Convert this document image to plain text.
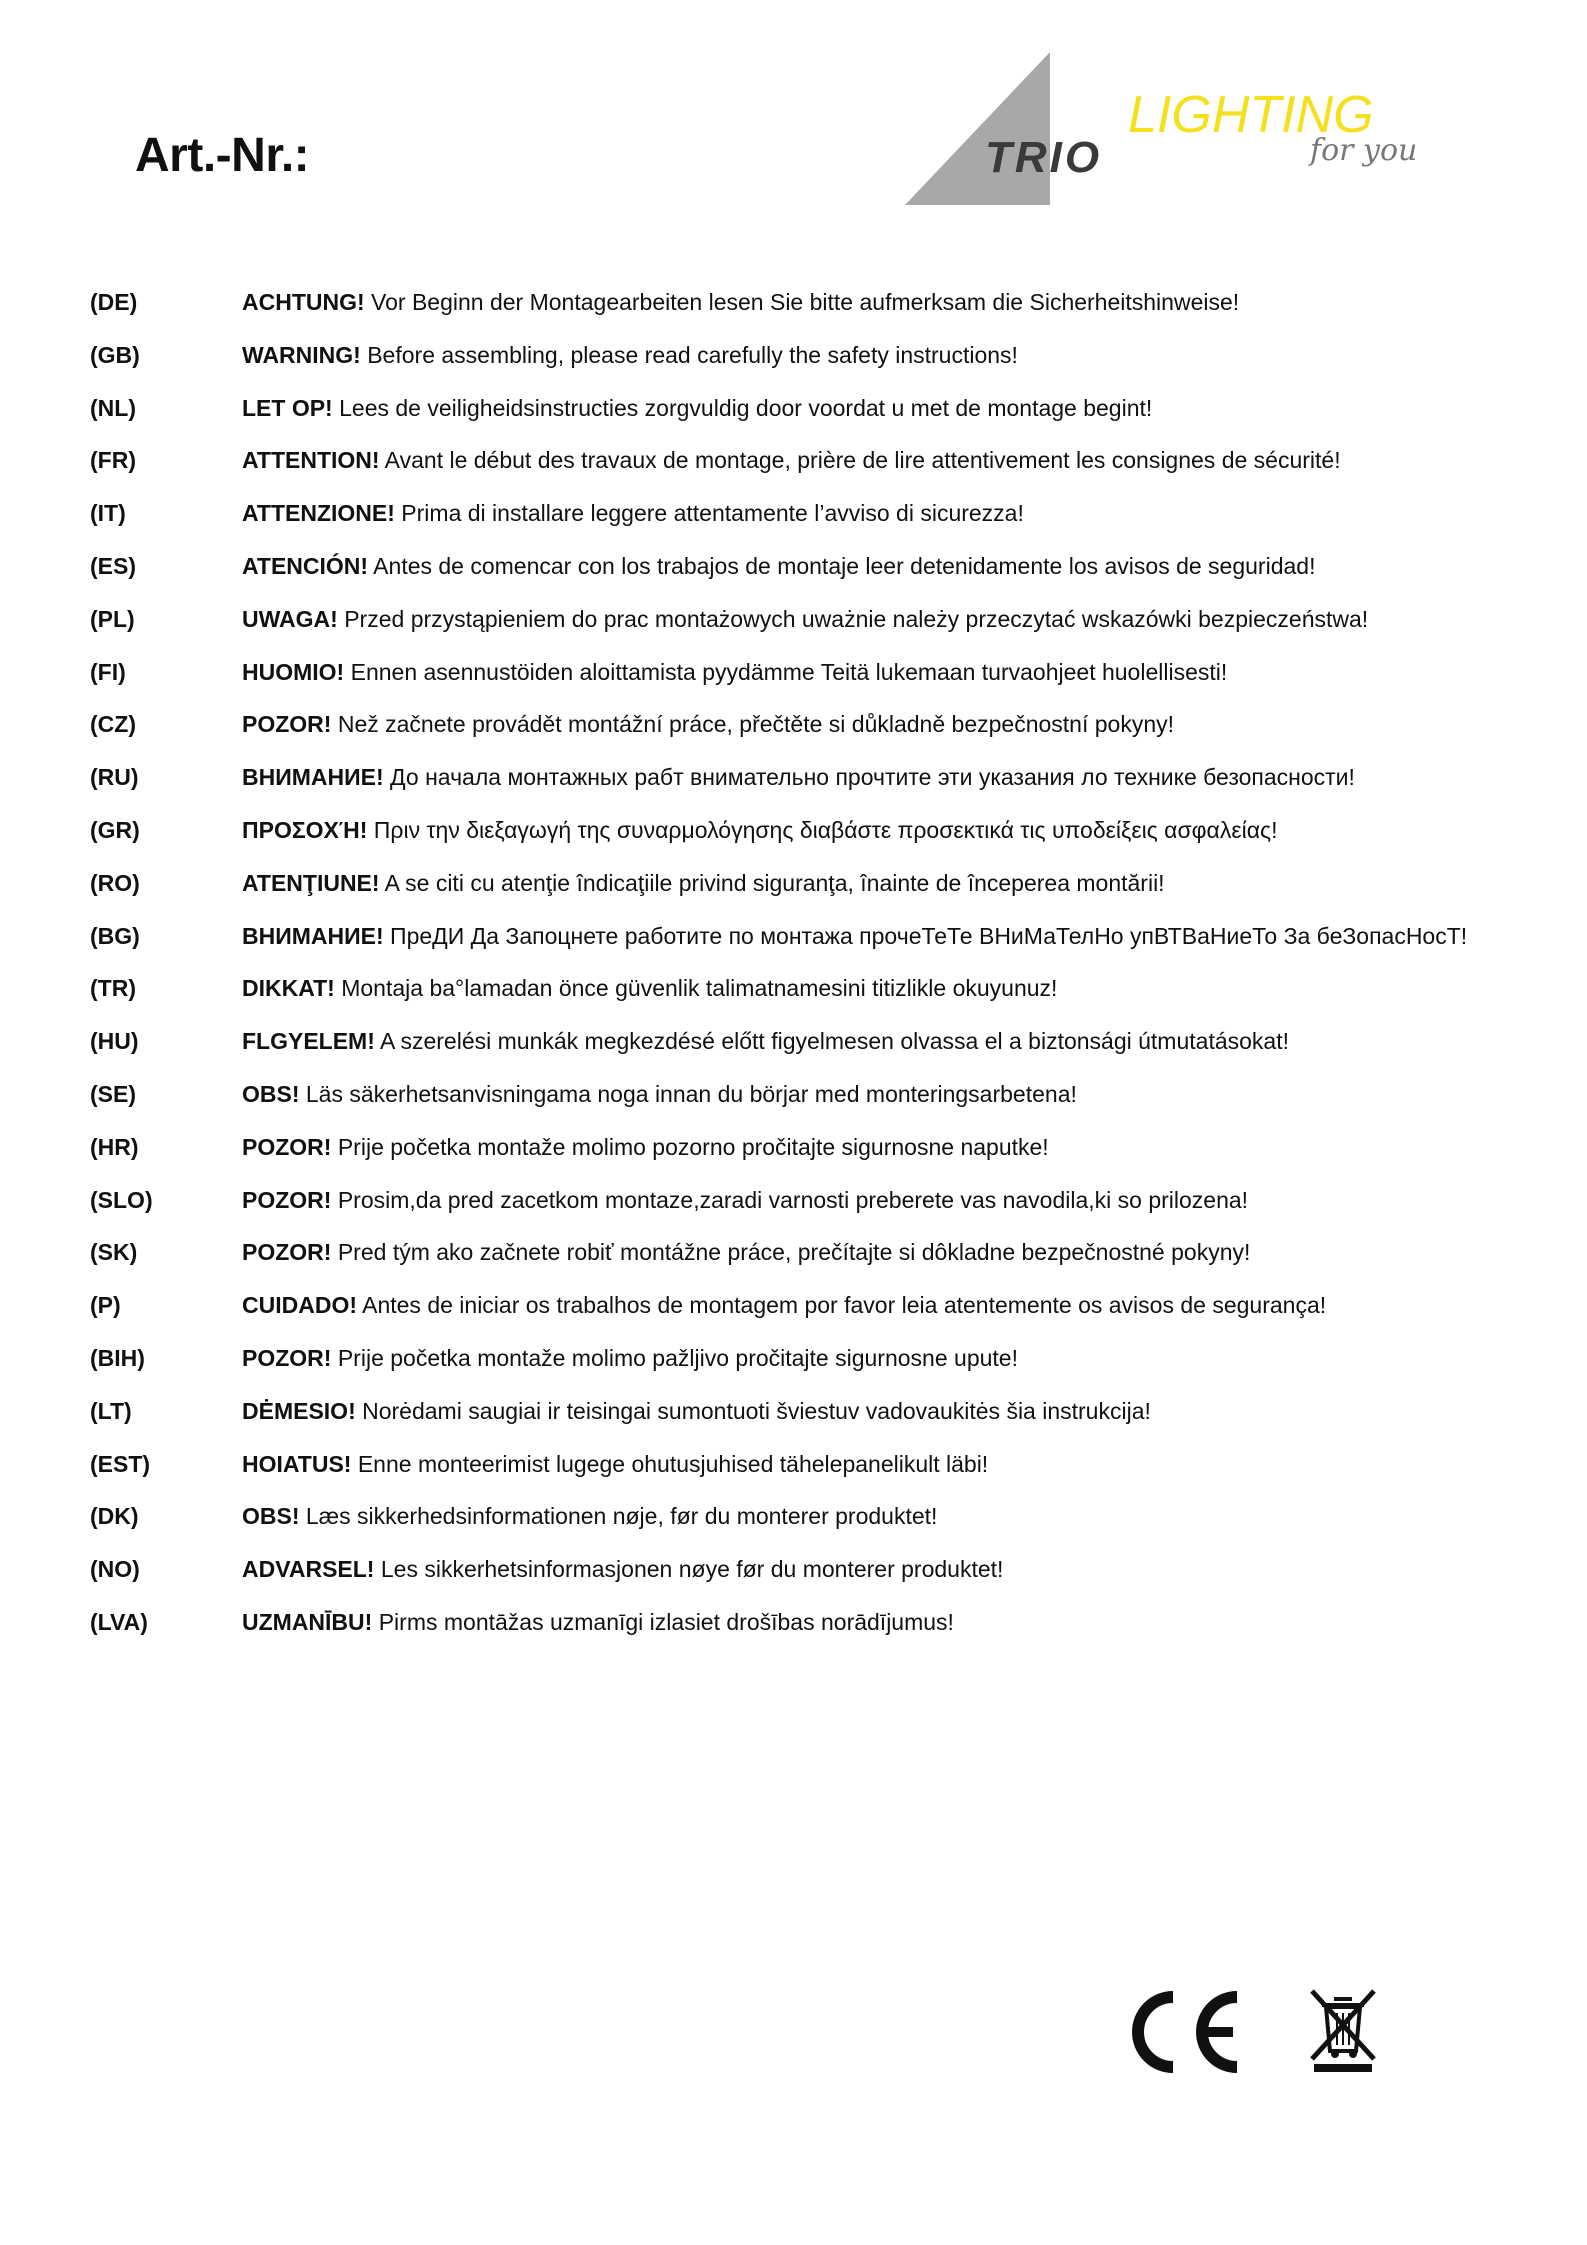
Art.-Nr.:	TRIO
LIGHTING
for you
(DE)	ACHTUNG! Vor Beginn der Montagearbeiten lesen Sie bitte aufmerksam die Sicherheitshinweise!
(GB)	WARNING! Before assembling, please read carefully the safety instructions!
(NL)	LET OP! Lees de veiligheidsinstructies zorgvuldig door voordat u met de montage begint!
(FR)	ATTENTION! Avant le début des travaux de montage, prière de lire attentivement les consignes de sécurité!
(IT)	ATTENZIONE! Prima di installare leggere attentamente l’avviso di sicurezza!
(ES)	ATENCIÓN! Antes de comencar con los trabajos de montaje leer detenidamente los avisos de seguridad!
(PL)	UWAGA! Przed przystąpieniem do prac montażowych uważnie należy przeczytać wskazówki bezpieczeństwa!
(FI)	HUOMIO! Ennen asennustöiden aloittamista pyydämme Teitä lukemaan turvaohjeet huolellisesti!
(CZ)	POZOR! Než začnete provádět montážní práce, přečtěte si důkladně bezpečnostní pokyny!
(RU)	ВНИМАНИЕ! До начала монтажных рабт внимательно прочтите эти указания ло технике безопасности!
(GR)	ΠΡΟΣΟΧΉ! Πριν την διεξαγωγή της συναρμολόγησης διαβάστε προσεκτικά τις υποδείξεις ασφαλείας!
(RO)	ATENŢIUNE! A se citi cu atenţie îndicaţiile privind siguranţa, înainte de începerea montării!
(BG)	ВНИМАНИЕ! ПреДИ Да Запоцнете работите по монтажа прочеТеТе ВНиМаТелНо упВТВаНиеТо За беЗопасНосТ!
(TR)	DIKKAT! Montaja ba°lamadan önce güvenlik talimatnamesini titizlikle okuyunuz!
(HU)	FLGYELEM! A szerelési munkák megkezdésé előtt figyelmesen olvassa el a biztonsági útmutatásokat!
(SE)	OBS! Läs säkerhetsanvisningama noga innan du börjar med monteringsarbetena!
(HR)	POZOR! Prije početka montaže molimo pozorno pročitajte sigurnosne naputke!
(SLO)	POZOR! Prosim,da pred zacetkom montaze,zaradi varnosti preberete vas navodila,ki so prilozena!
(SK)	POZOR! Pred tým ako začnete robiť montážne práce, prečítajte si dôkladne bezpečnostné pokyny!
(P)	CUIDADO! Antes de iniciar os trabalhos de montagem por favor leia atentemente os avisos de segurança!
(BIH)	POZOR! Prije početka montaže molimo pažljivo pročitajte sigurnosne upute!
(LT)	DĖMESIO! Norėdami saugiai ir teisingai sumontuoti šviestuv vadovaukitės šia instrukcija!
(EST)	HOIATUS! Enne monteerimist lugege ohutusjuhised tähelepanelikult läbi!
(DK)	OBS! Læs sikkerhedsinformationen nøje, før du monterer produktet!
(NO)	ADVARSEL! Les sikkerhetsinformasjonen nøye før du monterer produktet!
(LVA)	UZMANĪBU! Pirms montāžas uzmanīgi izlasiet drošības norādījumus!
